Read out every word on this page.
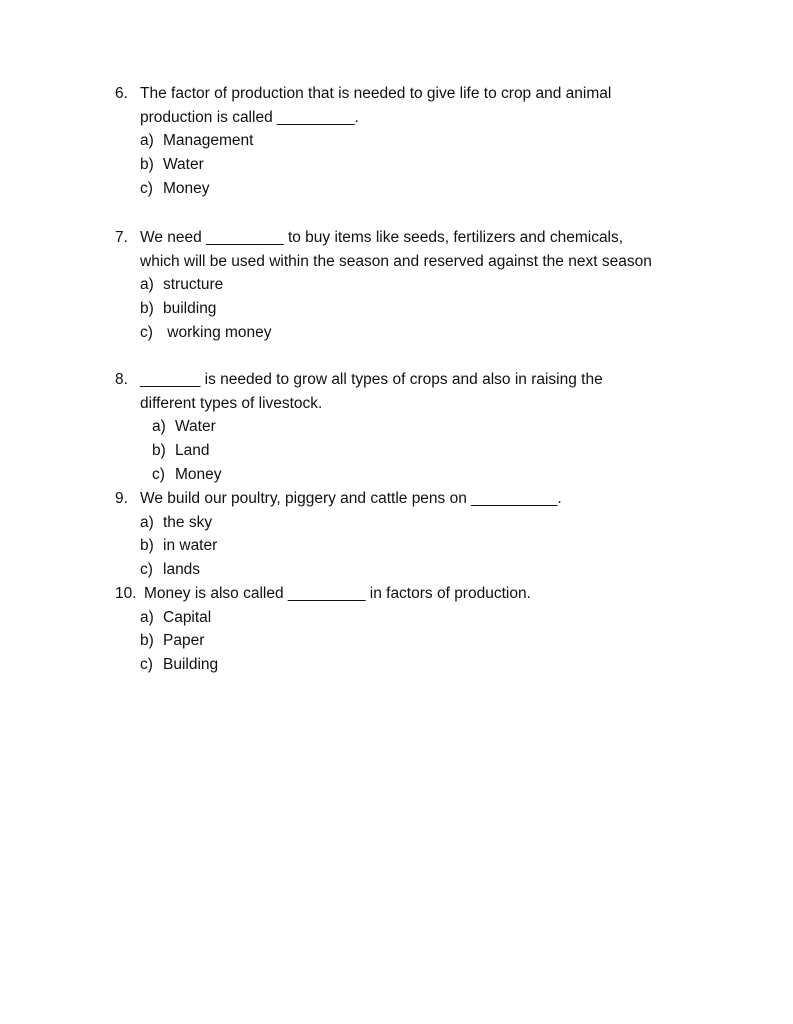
6. The factor of production that is needed to give life to crop and animal
production is called _________.
a) Management
b) Water
c) Money
7. We need _________ to buy items like seeds, fertilizers and chemicals,
which will be used within the season and reserved against the next season
a) structure
b) building
c) working money
8. _______ is needed to grow all types of crops and also in raising the
different types of livestock.
a) Water
b) Land
c) Money
9. We build our poultry, piggery and cattle pens on __________.
a) the sky
b) in water
c) lands
10. Money is also called _________ in factors of production.
a) Capital
b) Paper
c) Building
